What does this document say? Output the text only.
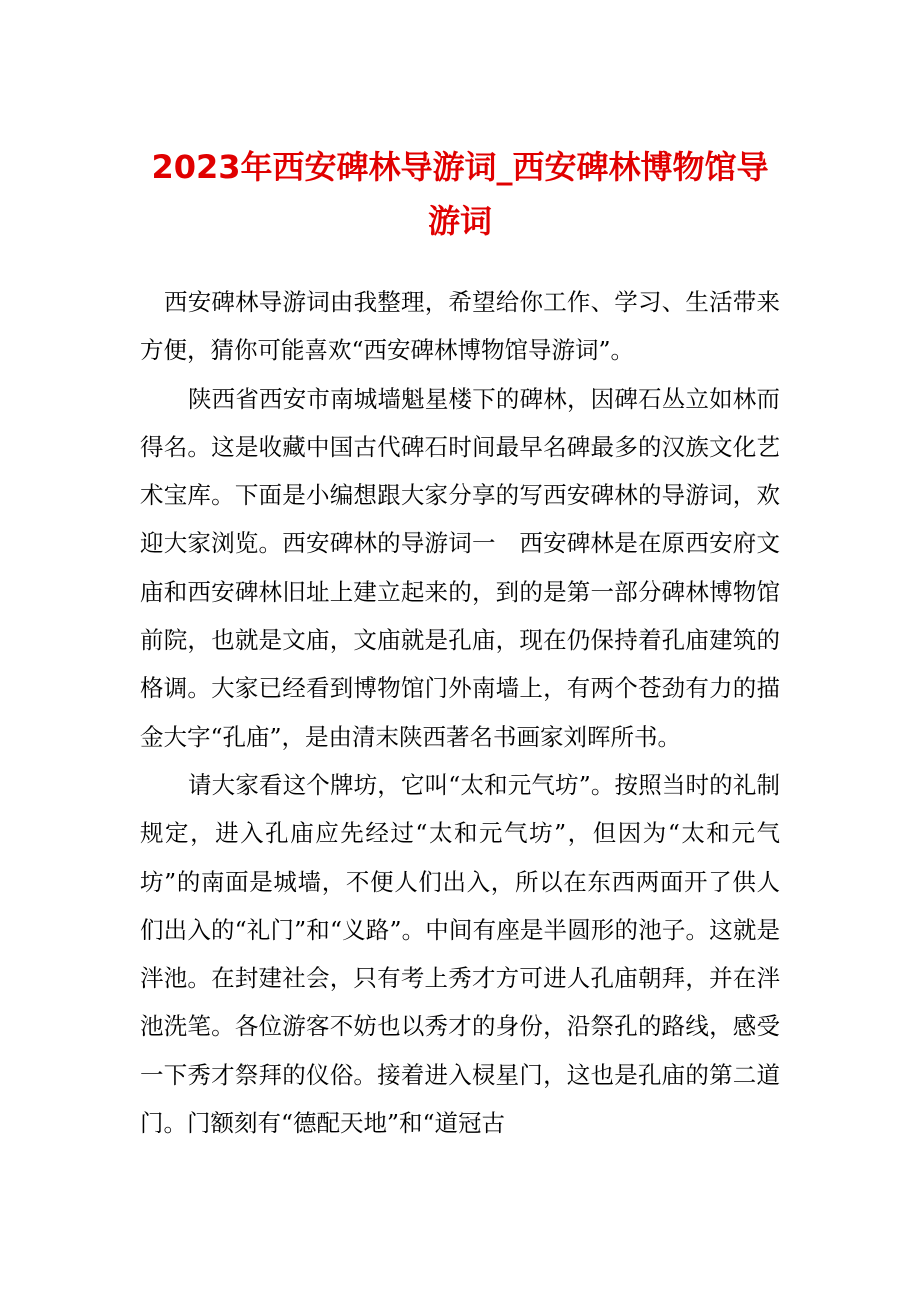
2023年西安碑林导游词_西安碑林博物馆导
游词

西安碑林导游词由我整理，希望给你工作、学习、生活带来方便，猜你可能喜欢“西安碑林博物馆导游词”。

陕西省西安市南城墙魁星楼下的碑林，因碑石丛立如林而得名。这是收藏中国古代碑石时间最早名碑最多的汉族文化艺术宝库。下面是小编想跟大家分享的写西安碑林的导游词，欢迎大家浏览。西安碑林的导游词一　西安碑林是在原西安府文庙和西安碑林旧址上建立起来的，到的是第一部分碑林博物馆前院，也就是文庙，文庙就是孔庙，现在仍保持着孔庙建筑的格调。大家已经看到博物馆门外南墙上，有两个苍劲有力的描金大字“孔庙”，是由清末陕西著名书画家刘晖所书。

请大家看这个牌坊，它叫“太和元气坊”。按照当时的礼制规定，进入孔庙应先经过“太和元气坊”，但因为“太和元气坊”的南面是城墙，不便人们出入，所以在东西两面开了供人们出入的“礼门”和“义路”。中间有座是半圆形的池子。这就是泮池。在封建社会，只有考上秀才方可进人孔庙朝拜，并在泮池洗笔。各位游客不妨也以秀才的身份，沿祭孔的路线，感受一下秀才祭拜的仪俗。接着进入棂星门，这也是孔庙的第二道门。门额刻有“德配天地”和“道冠古
